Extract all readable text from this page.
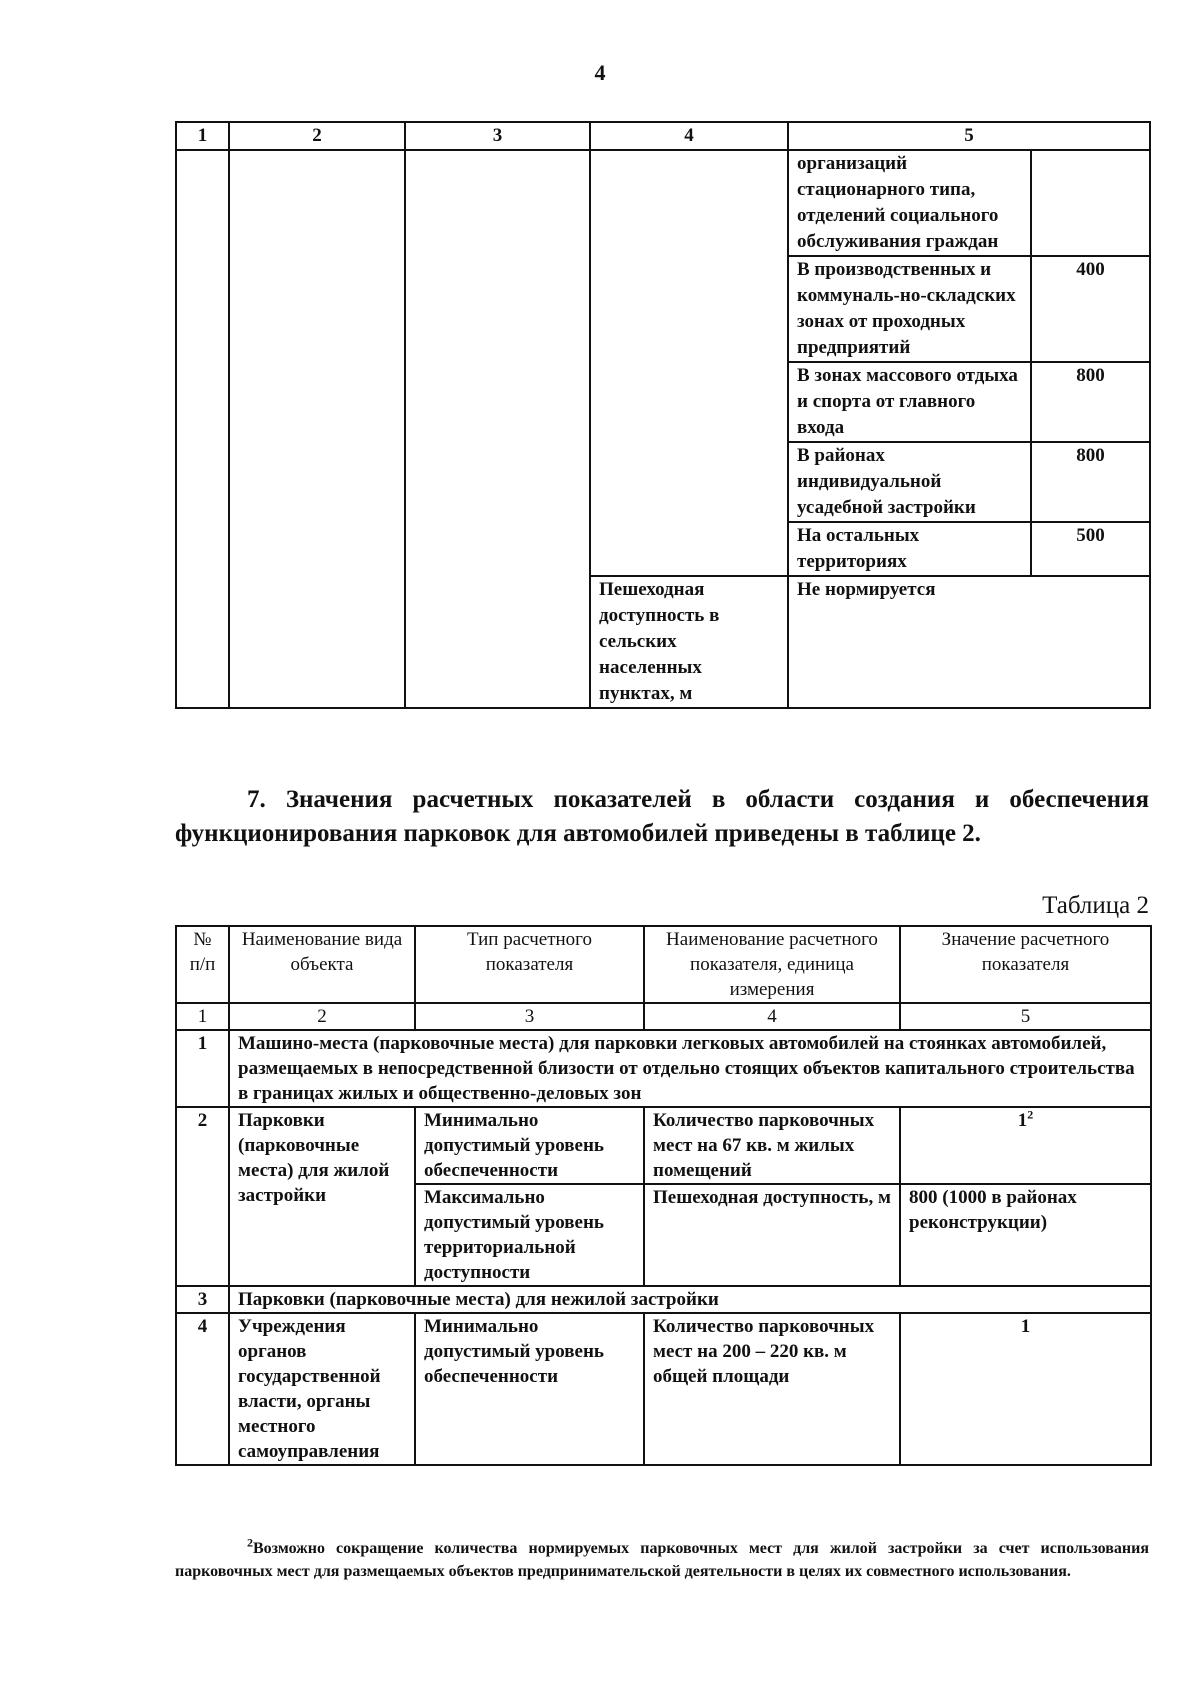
4
1	2	3	4	5	
				организаций стационарного типа, отделений социального обслуживания граждан	
				В производственных и коммуналь-но-складских зонах от проходных предприятий	400
				В зонах массового отдыха и спорта от главного входа	800
				В районах индивидуальной усадебной застройки	800
				На остальных территориях	500
			Пешеходная доступность в сельских населенных пунктах, м	Не нормируется	

7. Значения расчетных показателей в области создания и обеспечения функционирования парковок для автомобилей приведены в таблице 2.

Таблица 2
№ п/п	Наименование вида объекта	Тип расчетного показателя	Наименование расчетного показателя, единица измерения	Значение расчетного показателя
1	2	3	4	5
1	Машино-места (парковочные места) для парковки легковых автомобилей на стоянках автомобилей, размещаемых в непосредственной близости от отдельно стоящих объектов капитального строительства в границах жилых и общественно-деловых зон			
2	Парковки (парковочные места) для жилой застройки	Минимально допустимый уровень обеспеченности	Количество парковочных мест на 67 кв. м жилых помещений	$1^2$
		Максимально допустимый уровень территориальной доступности	Пешеходная доступность, м	800 (1000 в районах реконструкции)
3	Парковки (парковочные места) для нежилой застройки			
4	Учреждения органов государственной власти, органы местного самоуправления	Минимально допустимый уровень обеспеченности	Количество парковочных мест на 200 – 220 кв. м общей площади	1

$^2$Возможно сокращение количества нормируемых парковочных мест для жилой застройки за счет использования парковочных мест для размещаемых объектов предпринимательской деятельности в целях их совместного использования.
